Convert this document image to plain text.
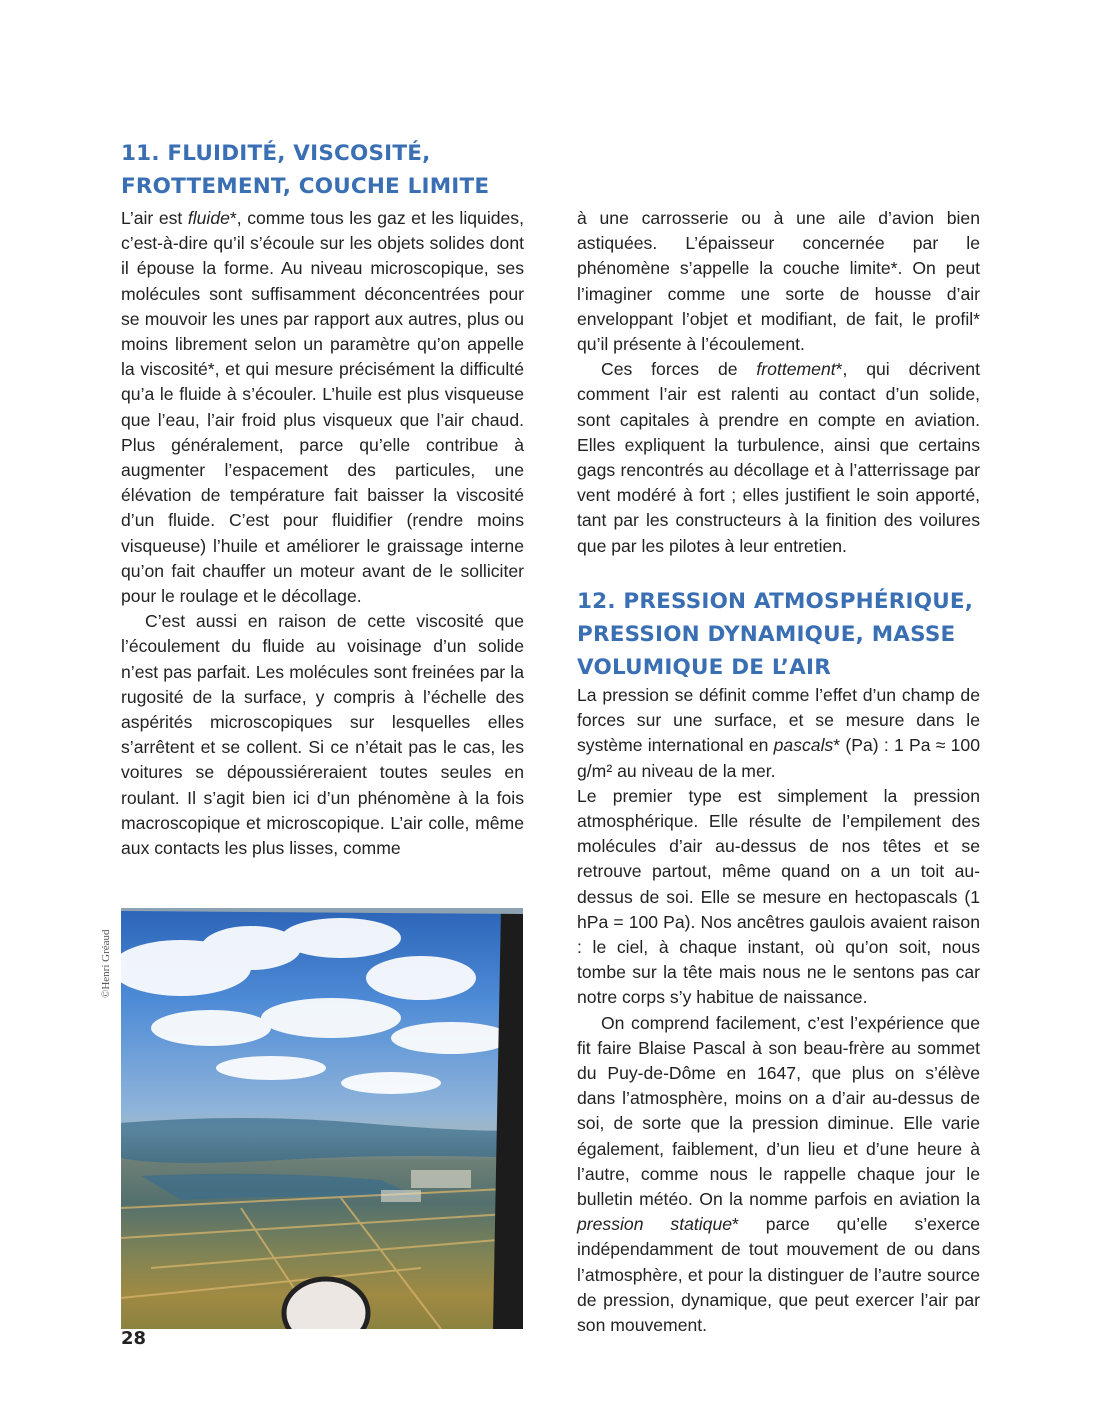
11. FLUIDITÉ, VISCOSITÉ,
FROTTEMENT, COUCHE LIMITE

L’air est fluide*, comme tous les gaz et les liquides, c’est-à-dire qu’il s’écoule sur les objets solides dont il épouse la forme. Au niveau microscopique, ses molécules sont suffisamment déconcentrées pour se mouvoir les unes par rapport aux autres, plus ou moins librement selon un paramètre qu’on appelle la viscosité*, et qui mesure précisément la difficulté qu’a le fluide à s’écouler. L’huile est plus visqueuse que l’eau, l’air froid plus visqueux que l’air chaud. Plus généralement, parce qu’elle contribue à augmenter l’espacement des particules, une élévation de température fait baisser la viscosité d’un fluide. C’est pour fluidifier (rendre moins visqueuse) l’huile et améliorer le graissage interne qu’on fait chauffer un moteur avant de le solliciter pour le roulage et le décollage.

C’est aussi en raison de cette viscosité que l’écoulement du fluide au voisinage d’un solide n’est pas parfait. Les molécules sont freinées par la rugosité de la surface, y compris à l’échelle des aspérités microscopiques sur lesquelles elles s’arrêtent et se collent. Si ce n’était pas le cas, les voitures se dépoussiéreraient toutes seules en roulant. Il s’agit bien ici d’un phénomène à la fois macroscopique et microscopique. L’air colle, même aux contacts les plus lisses, comme

©Henri Gréaud

à une carrosserie ou à une aile d’avion bien astiquées. L’épaisseur concernée par le phénomène s’appelle la couche limite*. On peut l’imaginer comme une sorte de housse d’air enveloppant l’objet et modifiant, de fait, le profil* qu’il présente à l’écoulement.

Ces forces de frottement*, qui décrivent comment l’air est ralenti au contact d’un solide, sont capitales à prendre en compte en aviation. Elles expliquent la turbulence, ainsi que certains gags rencontrés au décollage et à l’atterrissage par vent modéré à fort ; elles justifient le soin apporté, tant par les constructeurs à la finition des voilures que par les pilotes à leur entretien.

12. PRESSION ATMOSPHÉRIQUE,
PRESSION DYNAMIQUE, MASSE
VOLUMIQUE DE L’AIR

La pression se définit comme l’effet d’un champ de forces sur une surface, et se mesure dans le système international en pascals* (Pa) : 1 Pa ≈ 100 g/m² au niveau de la mer.

Le premier type est simplement la pression atmosphérique. Elle résulte de l’empilement des molécules d’air au-dessus de nos têtes et se retrouve partout, même quand on a un toit au-dessus de soi. Elle se mesure en hectopascals (1 hPa = 100 Pa). Nos ancêtres gaulois avaient raison : le ciel, à chaque instant, où qu’on soit, nous tombe sur la tête mais nous ne le sentons pas car notre corps s’y habitue de naissance.

On comprend facilement, c’est l’expérience que fit faire Blaise Pascal à son beau-frère au sommet du Puy-de-Dôme en 1647, que plus on s’élève dans l’atmosphère, moins on a d’air au-dessus de soi, de sorte que la pression diminue. Elle varie également, faiblement, d’un lieu et d’une heure à l’autre, comme nous le rappelle chaque jour le bulletin météo. On la nomme parfois en aviation la pression statique* parce qu’elle s’exerce indépendamment de tout mouvement de ou dans l’atmosphère, et pour la distinguer de l’autre source de pression, dynamique, que peut exercer l’air par son mouvement.

28
